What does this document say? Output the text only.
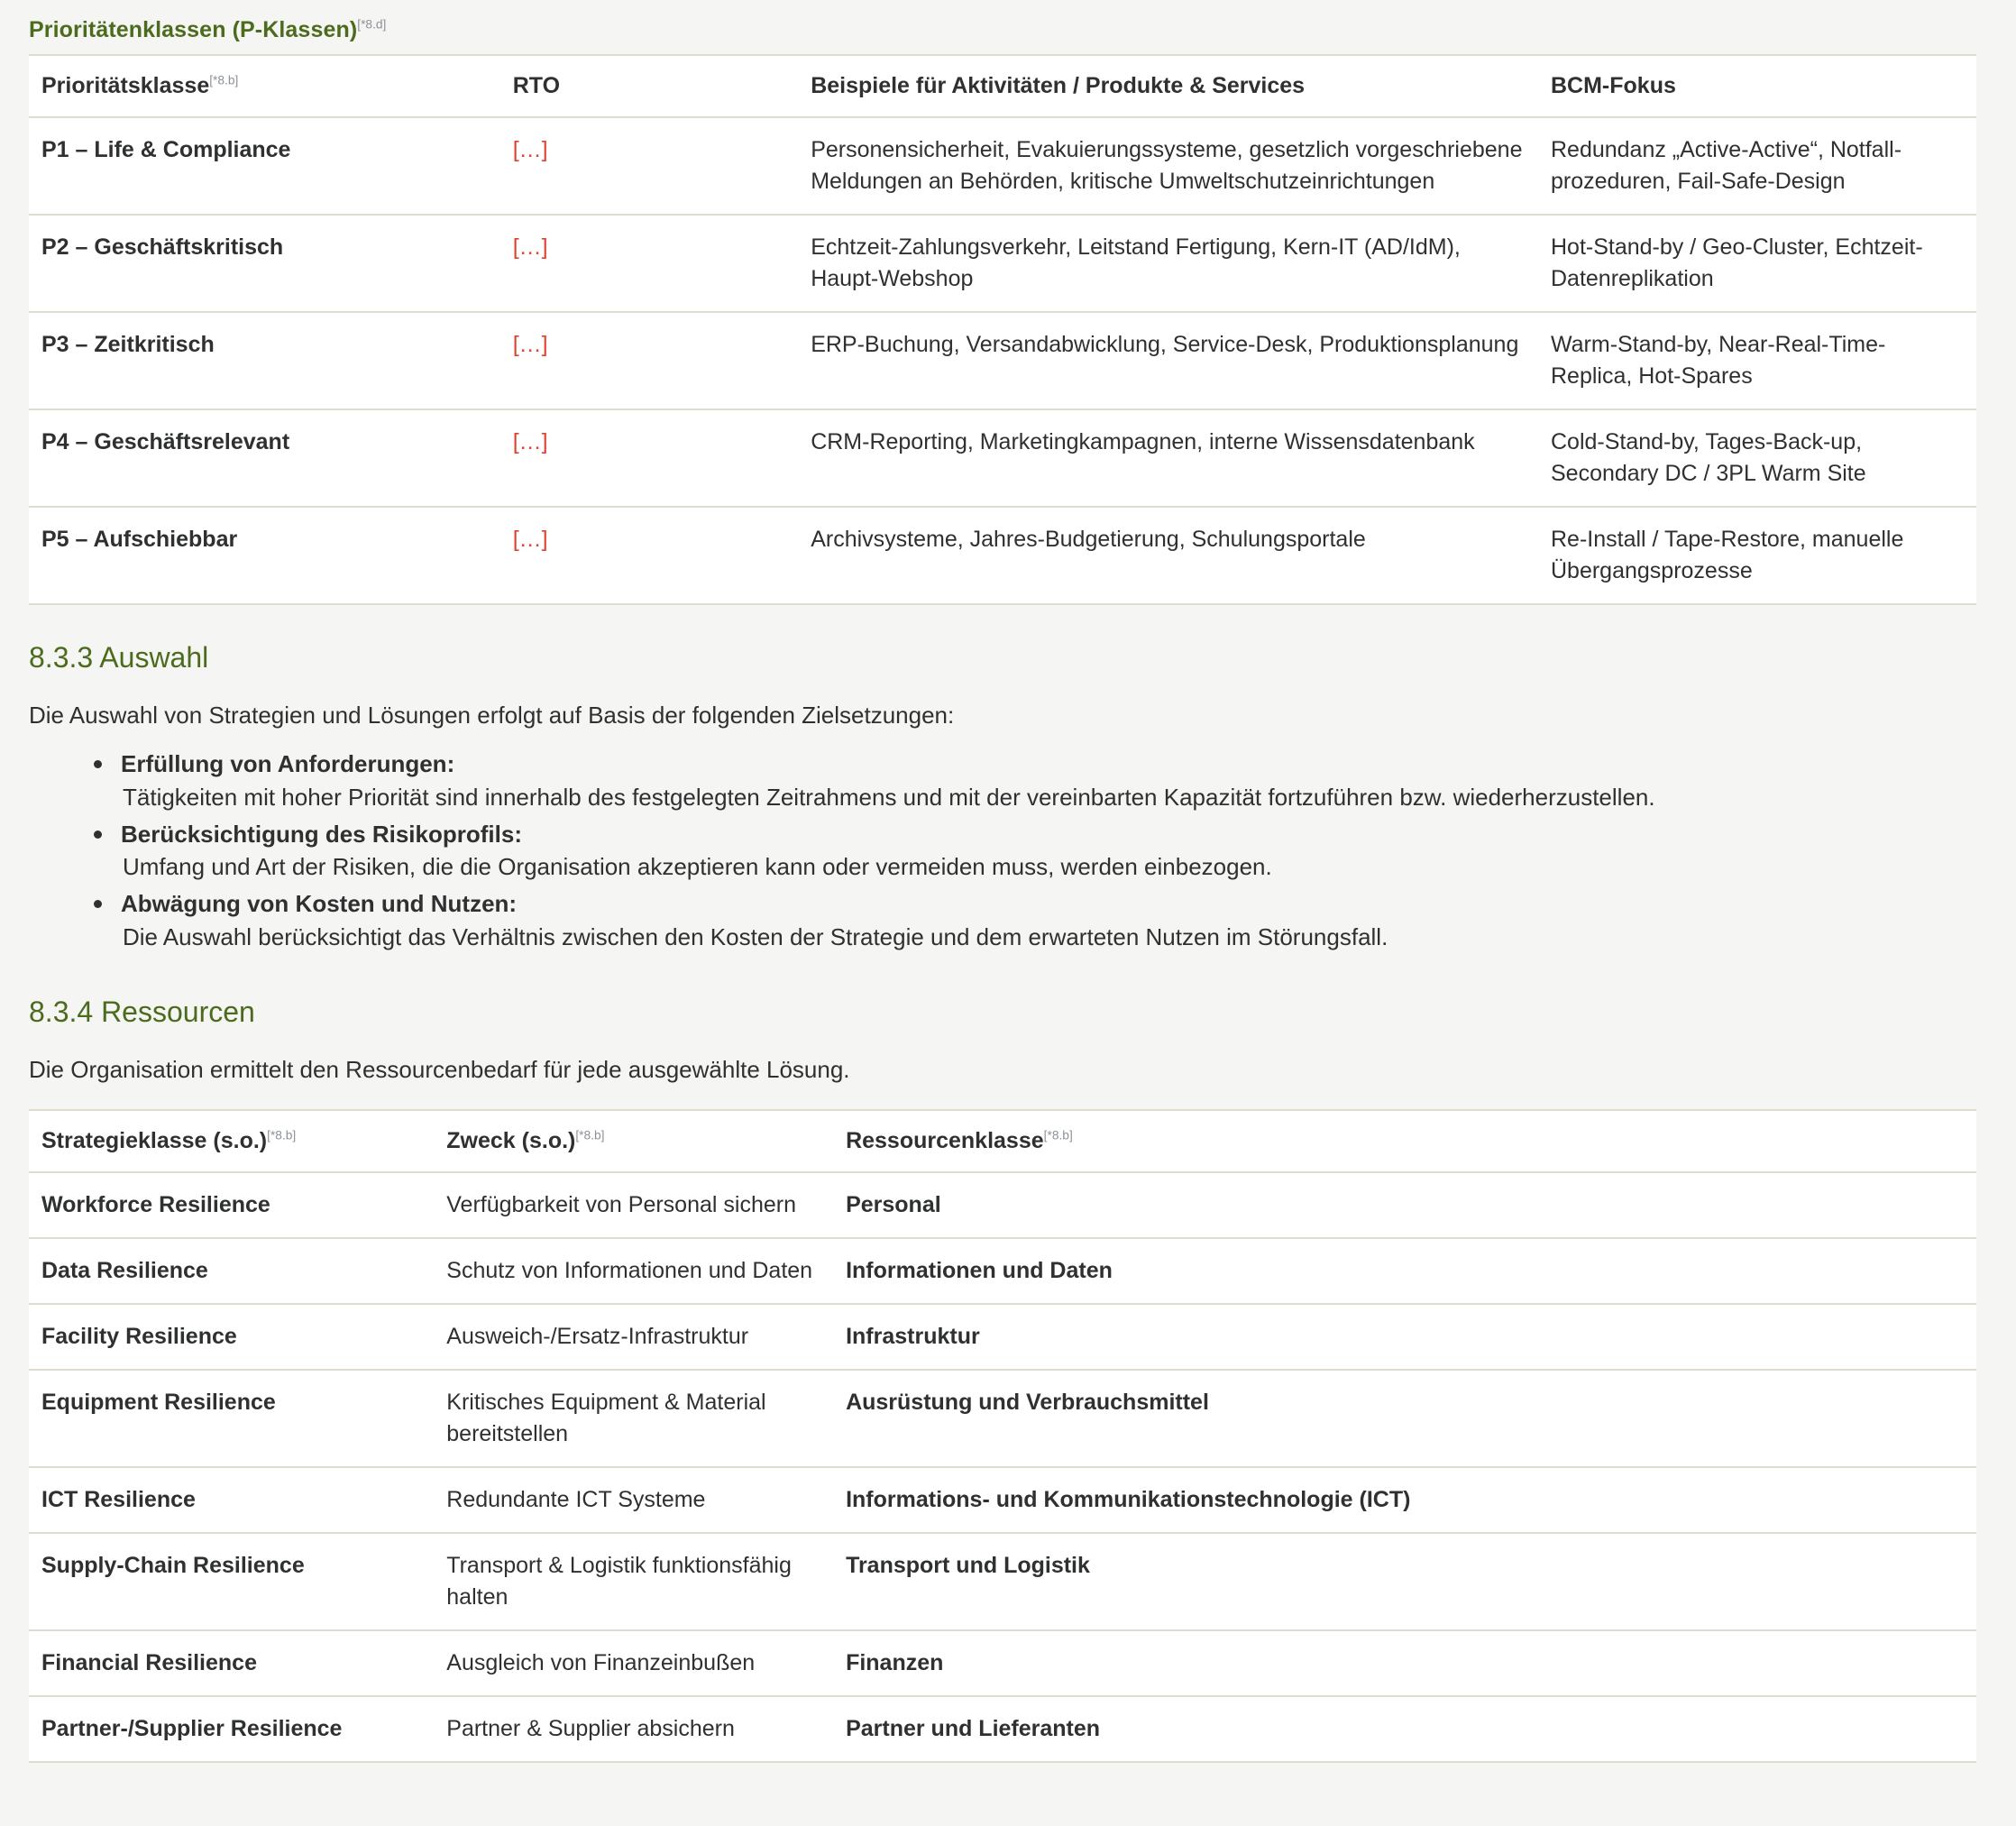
Prioritätenklassen (P-Klassen)[*8.d]
Prioritätsklasse[*8.b]	RTO	Beispiele für Aktivitäten / Produkte & Services	BCM-Fokus
P1 – Life & Compliance	[…]	Personensicherheit, Evakuierungssysteme, gesetzlich vorgeschriebene Meldungen an Behörden, kritische Umweltschutzeinrichtungen	Redundanz „Active-Active“, Notfall-prozeduren, Fail-Safe-Design
P2 – Geschäftskritisch	[…]	Echtzeit-Zahlungsverkehr, Leitstand Fertigung, Kern-IT (AD/IdM), Haupt-Webshop	Hot-Stand-by / Geo-Cluster, Echtzeit-Datenreplikation
P3 – Zeitkritisch	[…]	ERP-Buchung, Versandabwicklung, Service-Desk, Produktionsplanung	Warm-Stand-by, Near-Real-Time-Replica, Hot-Spares
P4 – Geschäftsrelevant	[…]	CRM-Reporting, Marketingkampagnen, interne Wissensdatenbank	Cold-Stand-by, Tages-Back-up, Secondary DC / 3PL Warm Site
P5 – Aufschiebbar	[…]	Archivsysteme, Jahres-Budgetierung, Schulungsportale	Re-Install / Tape-Restore, manuelle Übergangsprozesse
8.3.3 Auswahl

Die Auswahl von Strategien und Lösungen erfolgt auf Basis der folgenden Zielsetzungen:

Erfüllung von Anforderungen:
Tätigkeiten mit hoher Priorität sind innerhalb des festgelegten Zeitrahmens und mit der vereinbarten Kapazität fortzuführen bzw. wiederherzustellen.
Berücksichtigung des Risikoprofils:
Umfang und Art der Risiken, die die Organisation akzeptieren kann oder vermeiden muss, werden einbezogen.
Abwägung von Kosten und Nutzen:
Die Auswahl berücksichtigt das Verhältnis zwischen den Kosten der Strategie und dem erwarteten Nutzen im Störungsfall.
8.3.4 Ressourcen

Die Organisation ermittelt den Ressourcenbedarf für jede ausgewählte Lösung.

Strategieklasse (s.o.)[*8.b]	Zweck (s.o.)[*8.b]	Ressourcenklasse[*8.b]
Workforce Resilience	Verfügbarkeit von Personal sichern	Personal
Data Resilience	Schutz von Informationen und Daten	Informationen und Daten
Facility Resilience	Ausweich-/Ersatz-Infrastruktur	Infrastruktur
Equipment Resilience	Kritisches Equipment & Material bereitstellen	Ausrüstung und Verbrauchsmittel
ICT Resilience	Redundante ICT Systeme	Informations- und Kommunikationstechnologie (ICT)
Supply-Chain Resilience	Transport & Logistik funktionsfähig halten	Transport und Logistik
Financial Resilience	Ausgleich von Finanzeinbußen	Finanzen
Partner-/Supplier Resilience	Partner & Supplier absichern	Partner und Lieferanten
